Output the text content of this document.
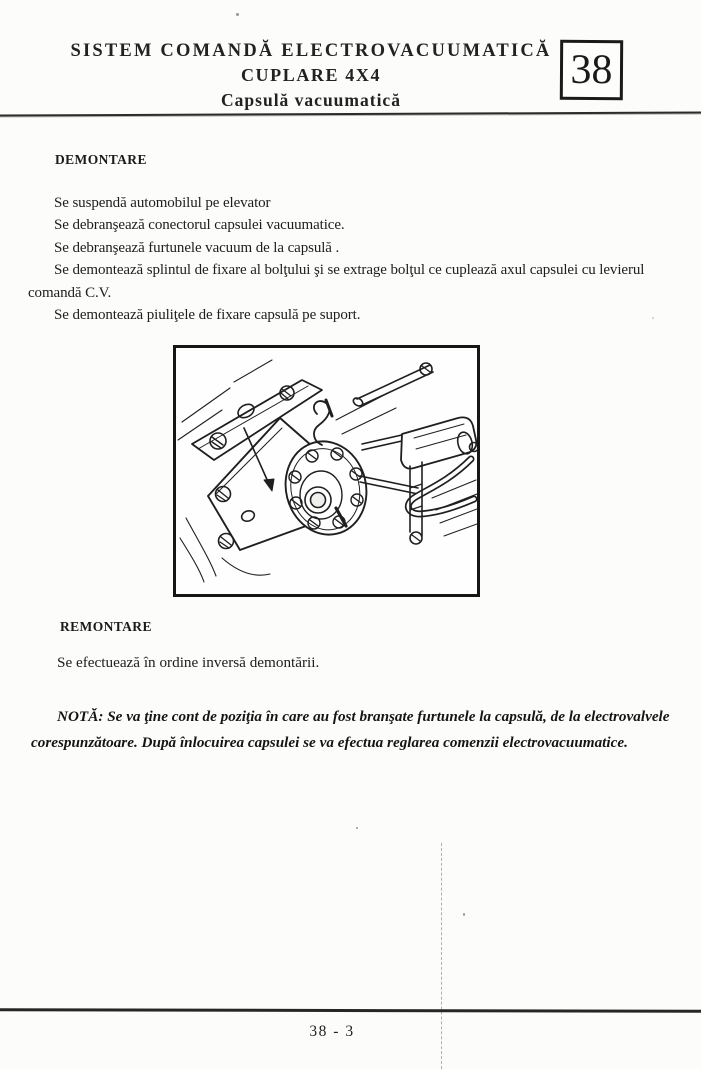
SISTEM COMANDĂ ELECTROVACUUMATICĂ
CUPLARE 4X4
Capsulă vacuumatică
38
DEMONTARE

Se suspendă automobilul pe elevator

Se debranşează conectorul capsulei vacuumatice.

Se debranşează furtunele vacuum de la capsulă .

Se demontează splintul de fixare al bolţului şi se extrage bolţul ce cuplează axul capsulei cu levierul comandă C.V.

Se demontează piuliţele de fixare capsulă pe suport.

REMONTARE

Se efectuează în ordine inversă demontării.

NOTĂ: Se va ţine cont de poziţia în care au fost branşate furtunele la capsulă, de la electrovalvele corespunzătoare. După înlocuirea capsulei se va efectua reglarea comenzii electrovacuumatice.

38 - 3
